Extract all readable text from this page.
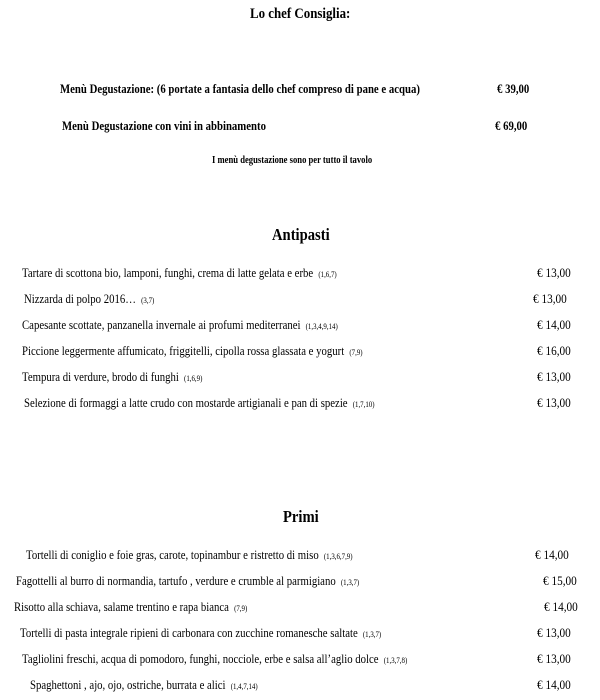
Lo chef Consiglia:
Menù Degustazione: (6 portate a fantasia dello chef compreso di pane e acqua)	€ 39,00
Menù Degustazione con vini in abbinamento	€ 69,00
I menù degustazione sono per tutto il tavolo
Antipasti
Tartare di scottona bio, lamponi, funghi, crema di latte gelata e erbe (1,6,7)	€ 13,00
Nizzarda di polpo 2016… (3,7)	€ 13,00
Capesante scottate, panzanella invernale ai profumi mediterranei (1,3,4,9,14)	€ 14,00
Piccione leggermente affumicato, friggitelli, cipolla rossa glassata e yogurt (7,9)	€ 16,00
Tempura di verdure, brodo di funghi (1,6,9)	€ 13,00
Selezione di formaggi a latte crudo con mostarde artigianali e pan di spezie (1,7,10)	€ 13,00
Primi
Tortelli di coniglio e foie gras, carote, topinambur e ristretto di miso (1,3,6,7,9)	€ 14,00
Fagottelli al burro di normandia, tartufo , verdure e crumble al parmigiano (1,3,7)	€ 15,00
Risotto alla schiava, salame trentino e rapa bianca (7,9)	€ 14,00
Tortelli di pasta integrale ripieni di carbonara con zucchine romanesche saltate (1,3,7)	€ 13,00
Tagliolini freschi, acqua di pomodoro, funghi, nocciole, erbe e salsa all’aglio dolce (1,3,7,8)	€ 13,00
Spaghettoni , ajo, ojo, ostriche, burrata e alici (1,4,7,14)	€ 14,00
